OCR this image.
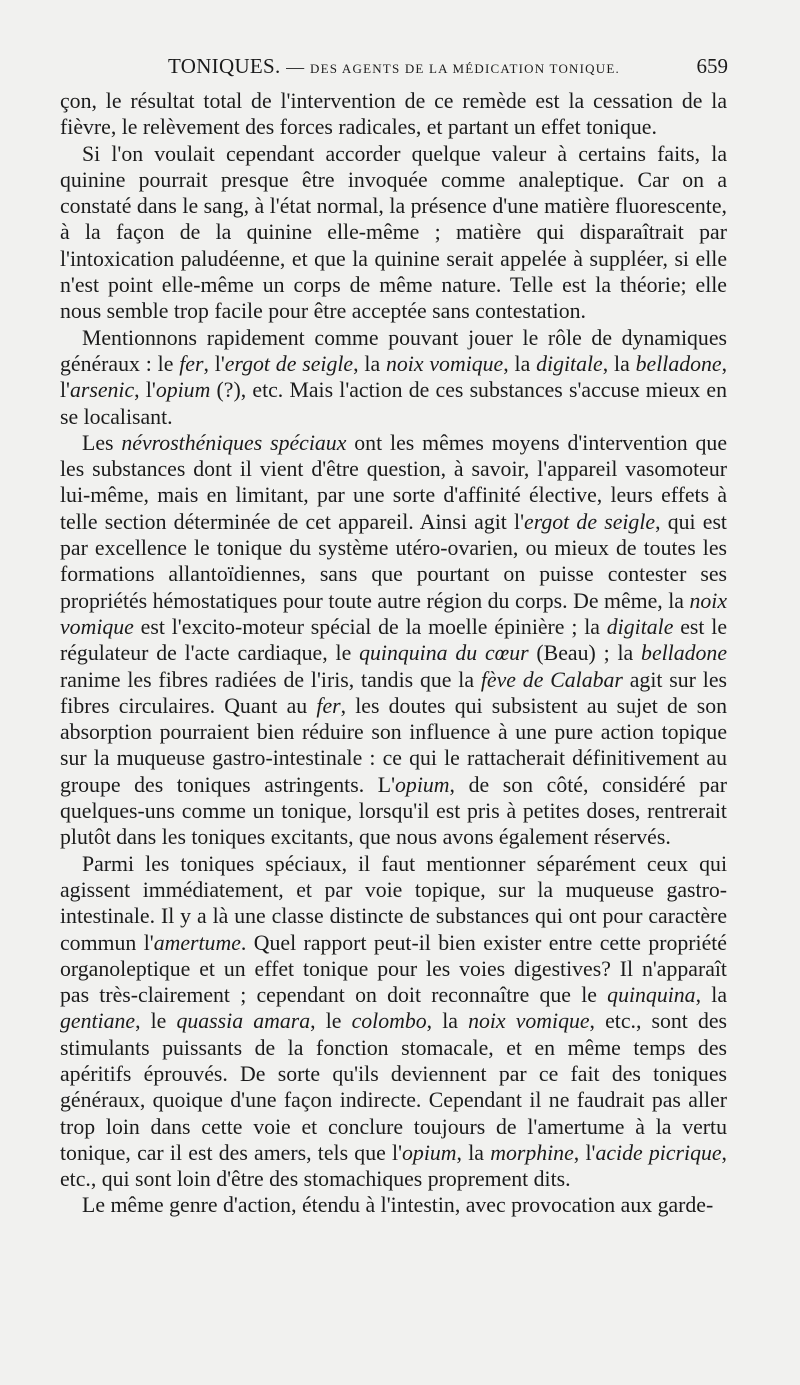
TONIQUES. — DES AGENTS DE LA MÉDICATION TONIQUE.	659

çon, le résultat total de l'intervention de ce remède est la cessation de la fièvre, le relèvement des forces radicales, et partant un effet tonique.

Si l'on voulait cependant accorder quelque valeur à certains faits, la quinine pourrait presque être invoquée comme analeptique. Car on a constaté dans le sang, à l'état normal, la présence d'une matière fluorescente, à la façon de la quinine elle-même ; matière qui disparaîtrait par l'intoxication paludéenne, et que la quinine serait appelée à suppléer, si elle n'est point elle-même un corps de même nature. Telle est la théorie; elle nous semble trop facile pour être acceptée sans contestation.

Mentionnons rapidement comme pouvant jouer le rôle de dynamiques généraux : le fer, l'ergot de seigle, la noix vomique, la digitale, la belladone, l'arsenic, l'opium (?), etc. Mais l'action de ces substances s'accuse mieux en se localisant.

Les névrosthéniques spéciaux ont les mêmes moyens d'intervention que les substances dont il vient d'être question, à savoir, l'appareil vasomoteur lui-même, mais en limitant, par une sorte d'affinité élective, leurs effets à telle section déterminée de cet appareil. Ainsi agit l'ergot de seigle, qui est par excellence le tonique du système utéro-ovarien, ou mieux de toutes les formations allantoïdiennes, sans que pourtant on puisse contester ses propriétés hémostatiques pour toute autre région du corps. De même, la noix vomique est l'excito-moteur spécial de la moelle épinière ; la digitale est le régulateur de l'acte cardiaque, le quinquina du cœur (Beau) ; la belladone ranime les fibres radiées de l'iris, tandis que la fève de Calabar agit sur les fibres circulaires. Quant au fer, les doutes qui subsistent au sujet de son absorption pourraient bien réduire son influence à une pure action topique sur la muqueuse gastro-intestinale : ce qui le rattacherait définitivement au groupe des toniques astringents. L'opium, de son côté, considéré par quelques-uns comme un tonique, lorsqu'il est pris à petites doses, rentrerait plutôt dans les toniques excitants, que nous avons également réservés.

Parmi les toniques spéciaux, il faut mentionner séparément ceux qui agissent immédiatement, et par voie topique, sur la muqueuse gastro-intestinale. Il y a là une classe distincte de substances qui ont pour caractère commun l'amertume. Quel rapport peut-il bien exister entre cette propriété organoleptique et un effet tonique pour les voies digestives? Il n'apparaît pas très-clairement ; cependant on doit reconnaître que le quinquina, la gentiane, le quassia amara, le colombo, la noix vomique, etc., sont des stimulants puissants de la fonction stomacale, et en même temps des apéritifs éprouvés. De sorte qu'ils deviennent par ce fait des toniques généraux, quoique d'une façon indirecte. Cependant il ne faudrait pas aller trop loin dans cette voie et conclure toujours de l'amertume à la vertu tonique, car il est des amers, tels que l'opium, la morphine, l'acide picrique, etc., qui sont loin d'être des stomachiques proprement dits.

Le même genre d'action, étendu à l'intestin, avec provocation aux garde-
